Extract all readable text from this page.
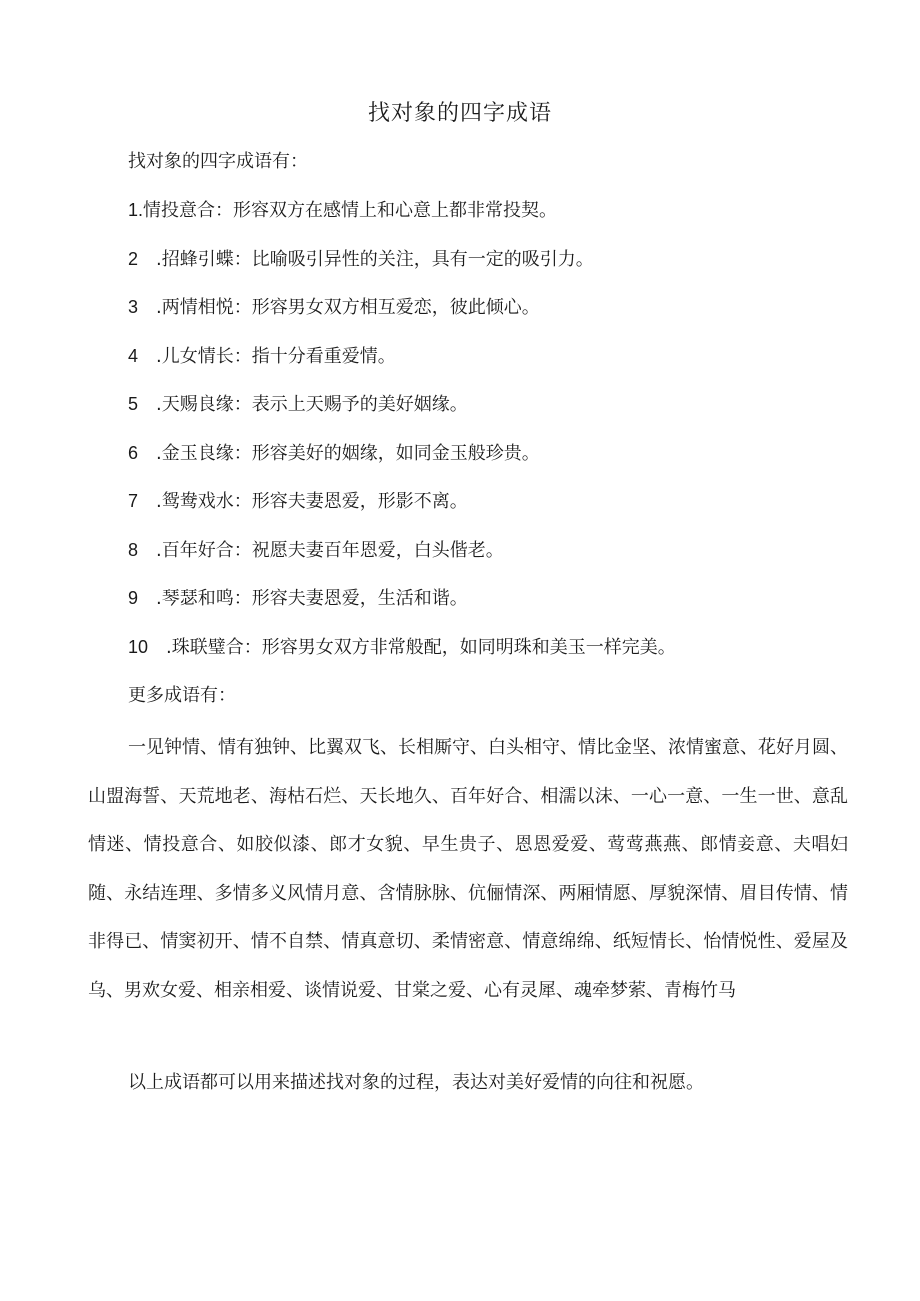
找对象的四字成语
找对象的四字成语有：
1.情投意合：形容双方在感情上和心意上都非常投契。
2 .招蜂引蝶：比喻吸引异性的关注，具有一定的吸引力。
3 .两情相悦：形容男女双方相互爱恋，彼此倾心。
4 .儿女情长：指十分看重爱情。
5 .天赐良缘：表示上天赐予的美好姻缘。
6 .金玉良缘：形容美好的姻缘，如同金玉般珍贵。
7 .鸳鸯戏水：形容夫妻恩爱，形影不离。
8 .百年好合：祝愿夫妻百年恩爱，白头偕老。
9 .琴瑟和鸣：形容夫妻恩爱，生活和谐。
10 .珠联璧合：形容男女双方非常般配，如同明珠和美玉一样完美。
更多成语有：

一见钟情、情有独钟、比翼双飞、长相厮守、白头相守、情比金坚、浓情蜜意、花好月圆、山盟海誓、天荒地老、海枯石烂、天长地久、百年好合、相濡以沫、一心一意、一生一世、意乱情迷、情投意合、如胶似漆、郎才女貌、早生贵子、恩恩爱爱、莺莺燕燕、郎情妾意、夫唱妇随、永结连理、多情多义风情月意、含情脉脉、伉俪情深、两厢情愿、厚貌深情、眉目传情、情非得已、情窦初开、情不自禁、情真意切、柔情密意、情意绵绵、纸短情长、怡情悦性、爱屋及乌、男欢女爱、相亲相爱、谈情说爱、甘棠之爱、心有灵犀、魂牵梦萦、青梅竹马

以上成语都可以用来描述找对象的过程，表达对美好爱情的向往和祝愿。
